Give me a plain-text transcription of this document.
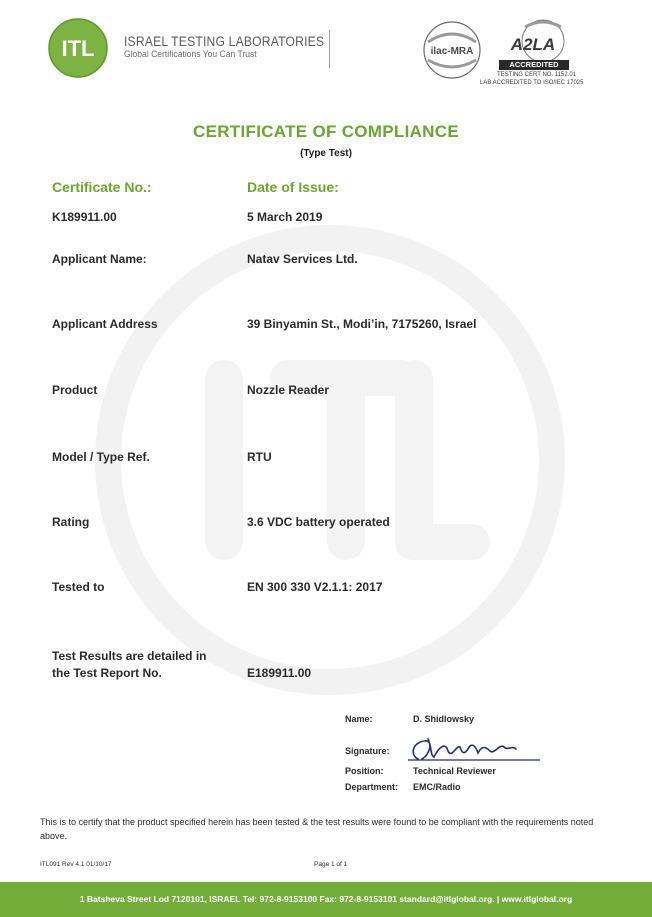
ITL ISRAEL TESTING LABORATORIES
Global Certifications You Can Trust	ilac-MRA A2LA
ACCREDITED
TESTING CERT NO. 1152.01
LAB ACCREDITED TO ISO/IEC 17025
CERTIFICATE OF COMPLIANCE
(Type Test)
Certificate No.:	Date of Issue:
K189911.00	5 March 2019
Applicant Name:	Natav Services Ltd.
Applicant Address	39 Binyamin St., Modi’in, 7175260, Israel
Product	Nozzle Reader
Model / Type Ref.	RTU
Rating	3.6 VDC battery operated
Tested to	EN 300 330 V2.1.1: 2017
Test Results are detailed in
the Test Report No.	E189911.00
Name:	D. Shidlowsky
Signature:
Position:	Technical Reviewer
Department: EMC/Radio
This is to certify that the product specified herein has been tested & the test results were found to be compliant with the requirements noted above.
ITL091 Rev 4.1 01/10/17	Page 1 of 1
1 Batsheva Street Lod 7120101, ISRAEL Tel: 972-8-9153100 Fax: 972-8-9153101 standard@itlglobal.org. | www.itlglobal.org
